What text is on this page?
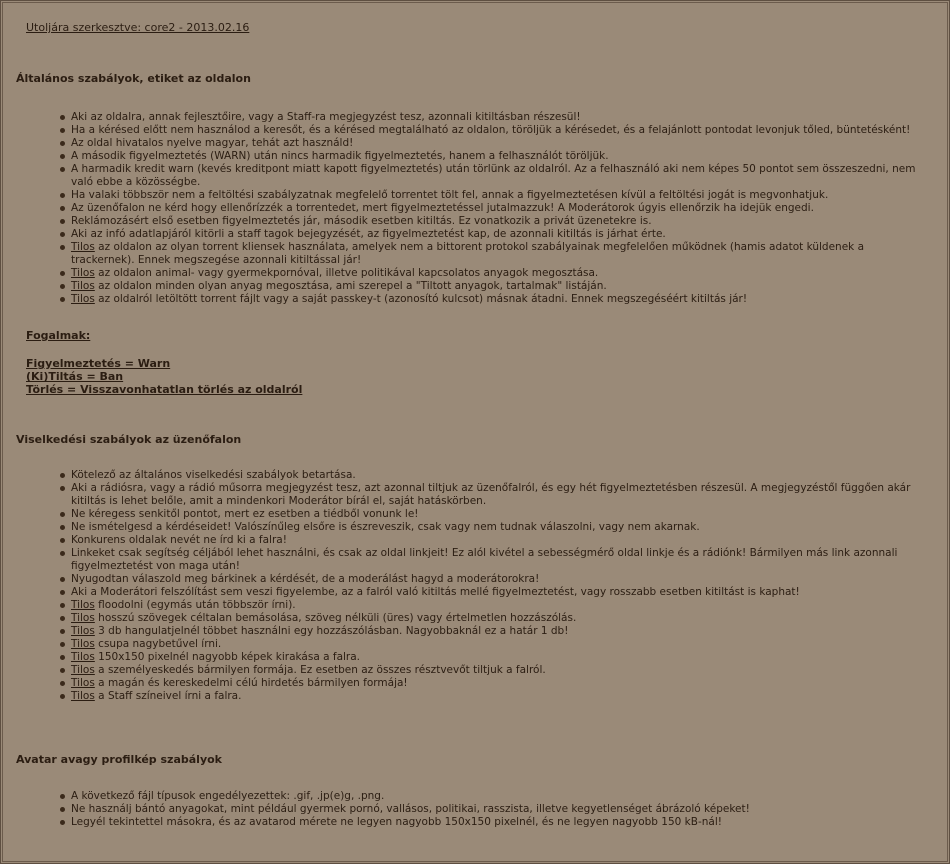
Utoljára szerkesztve: core2 - 2013.02.16
Általános szabályok, etiket az oldalon
Aki az oldalra, annak fejlesztőire, vagy a Staff-ra megjegyzést tesz, azonnali kitiltásban részesül!
Ha a kérésed előtt nem használod a keresőt, és a kérésed megtalálható az oldalon, töröljük a kérésedet, és a felajánlott pontodat levonjuk tőled, büntetésként!
Az oldal hivatalos nyelve magyar, tehát azt használd!
A második figyelmeztetés (WARN) után nincs harmadik figyelmeztetés, hanem a felhasználót töröljük.
A harmadik kredit warn (kevés kreditpont miatt kapott figyelmeztetés) után törlünk az oldalról. Az a felhasználó aki nem képes 50 pontot sem összeszedni, nem való ebbe a közösségbe.
Ha valaki többször nem a feltöltési szabályzatnak megfelelő torrentet tölt fel, annak a figyelmeztetésen kívül a feltöltési jogát is megvonhatjuk.
Az üzenőfalon ne kérd hogy ellenőrízzék a torrentedet, mert figyelmeztetéssel jutalmazzuk! A Moderátorok úgyis ellenőrzik ha idejük engedi.
Reklámozásért első esetben figyelmeztetés jár, második esetben kitiltás. Ez vonatkozik a privát üzenetekre is.
Aki az infó adatlapjáról kitörli a staff tagok bejegyzését, az figyelmeztetést kap, de azonnali kitiltás is járhat érte.
Tilos az oldalon az olyan torrent kliensek használata, amelyek nem a bittorent protokol szabályainak megfelelően működnek (hamis adatot küldenek a trackernek). Ennek megszegése azonnali kitiltással jár!
Tilos az oldalon animal- vagy gyermekpornóval, illetve politikával kapcsolatos anyagok megosztása.
Tilos az oldalon minden olyan anyag megosztása, ami szerepel a "Tiltott anyagok, tartalmak" listáján.
Tilos az oldalról letöltött torrent fájlt vagy a saját passkey-t (azonosító kulcsot) másnak átadni. Ennek megszegéséért kitiltás jár!
Fogalmak:
Figyelmeztetés = Warn
(Ki)Tiltás = Ban
Törlés = Visszavonhatatlan törlés az oldalról
Viselkedési szabályok az üzenőfalon
Kötelező az általános viselkedési szabályok betartása.
Aki a rádiósra, vagy a rádió műsorra megjegyzést tesz, azt azonnal tiltjuk az üzenőfalról, és egy hét figyelmeztetésben részesül. A megjegyzéstől függően akár kitiltás is lehet belőle, amit a mindenkori Moderátor bírál el, saját hatáskörben.
Ne kéregess senkitől pontot, mert ez esetben a tiédből vonunk le!
Ne ismételgesd a kérdéseidet! Valószínűleg elsőre is észreveszik, csak vagy nem tudnak válaszolni, vagy nem akarnak.
Konkurens oldalak nevét ne írd ki a falra!
Linkeket csak segítség céljából lehet használni, és csak az oldal linkjeit! Ez alól kivétel a sebességmérő oldal linkje és a rádiónk! Bármilyen más link azonnali figyelmeztetést von maga után!
Nyugodtan válaszold meg bárkinek a kérdését, de a moderálást hagyd a moderátorokra!
Aki a Moderátori felszólítást sem veszi figyelembe, az a falról való kitiltás mellé figyelmeztetést, vagy rosszabb esetben kitiltást is kaphat!
Tilos floodolni (egymás után többször írni).
Tilos hosszú szövegek céltalan bemásolása, szöveg nélküli (üres) vagy értelmetlen hozzászólás.
Tilos 3 db hangulatjelnél többet használni egy hozzászólásban. Nagyobbaknál ez a határ 1 db!
Tilos csupa nagybetűvel írni.
Tilos 150x150 pixelnél nagyobb képek kirakása a falra.
Tilos a személyeskedés bármilyen formája. Ez esetben az összes résztvevőt tiltjuk a falról.
Tilos a magán és kereskedelmi célú hirdetés bármilyen formája!
Tilos a Staff színeivel írni a falra.
Avatar avagy profilkép szabályok
A következő fájl típusok engedélyezettek: .gif, .jp(e)g, .png.
Ne használj bántó anyagokat, mint például gyermek pornó, vallásos, politikai, rasszista, illetve kegyetlenséget ábrázoló képeket!
Legyél tekintettel másokra, és az avatarod mérete ne legyen nagyobb 150x150 pixelnél, és ne legyen nagyobb 150 kB-nál!
